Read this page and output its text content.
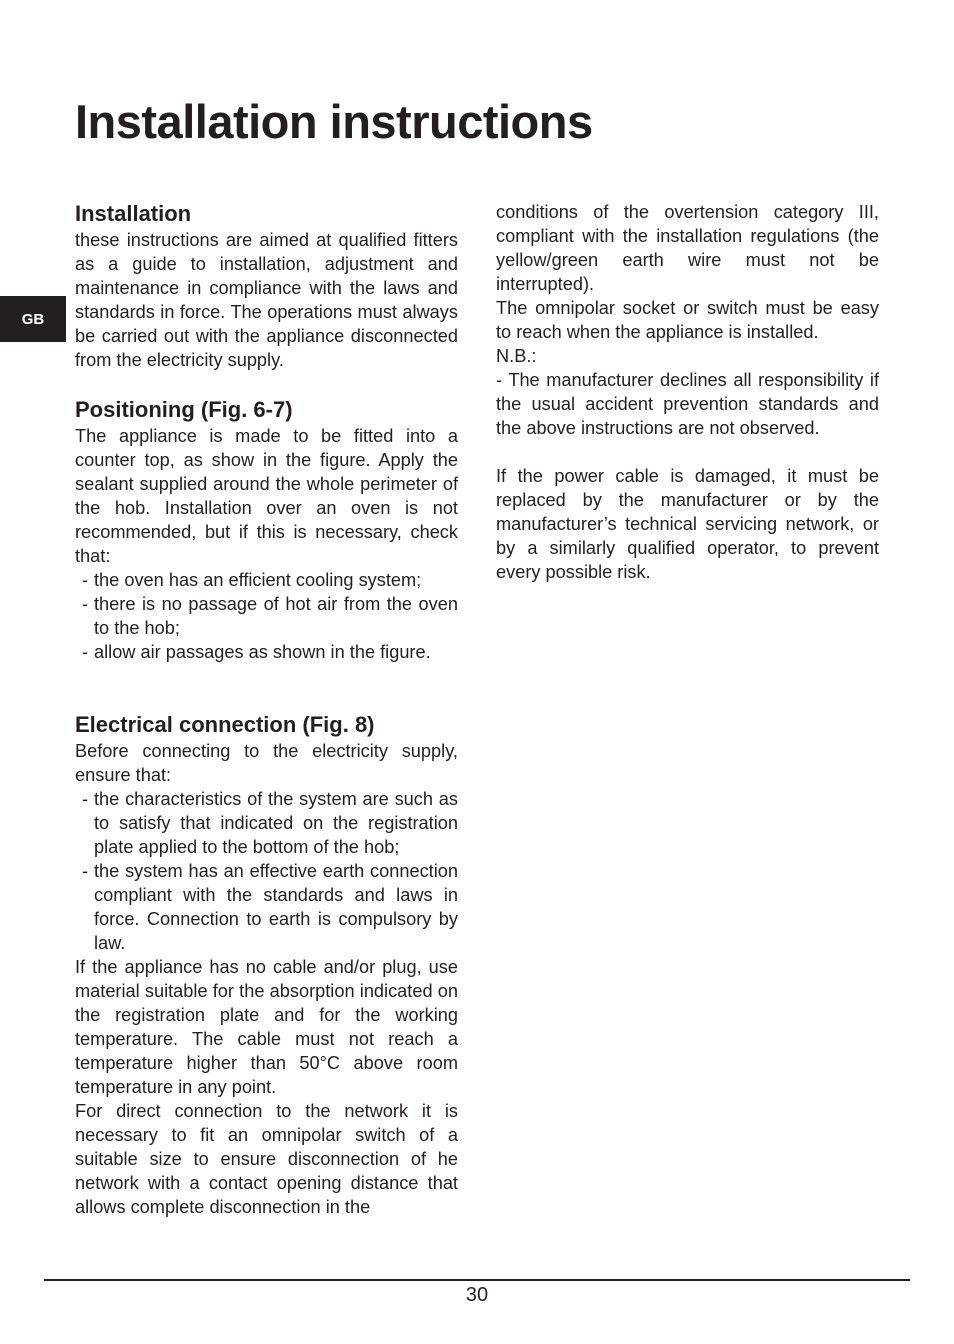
Installation instructions
GB
Installation

these instructions are aimed at qualified fitters as a guide to installation, adjustment and maintenance in compliance with the laws and standards in force. The operations must always be carried out with the appliance disconnected from the electricity supply.

Positioning (Fig. 6-7)

The appliance is made to be fitted into a counter top, as show in the figure. Apply the sealant supplied around the whole perimeter of the hob. Installation over an oven is not recommended, but if this is necessary, check that:

- the oven has an efficient cooling system;
- there is no passage of hot air from the oven to the hob;
- allow air passages as shown in the figure.
Electrical connection (Fig. 8)

Before connecting to the electricity supply, ensure that:

- the characteristics of the system are such as to satisfy that indicated on the registration plate applied to the bottom of the hob;
- the system has an effective earth connection compliant with the standards and laws in force. Connection to earth is compulsory by law.

If the appliance has no cable and/or plug, use material suitable for the absorption indicated on the registration plate and for the working temperature. The cable must not reach a temperature higher than 50°C above room temperature in any point.

For direct connection to the network it is necessary to fit an omnipolar switch of a suitable size to ensure disconnection of he network with a contact opening distance that allows complete disconnection in the

conditions of the overtension category III, compliant with the installation regulations (the yellow/green earth wire must not be interrupted).

The omnipolar socket or switch must be easy to reach when the appliance is installed.

N.B.:

- The manufacturer declines all responsibility if the usual accident prevention standards and the above instructions are not observed.

If the power cable is damaged, it must be replaced by the manufacturer or by the manufacturer’s technical servicing network, or by a similarly qualified operator, to prevent every possible risk.

30
